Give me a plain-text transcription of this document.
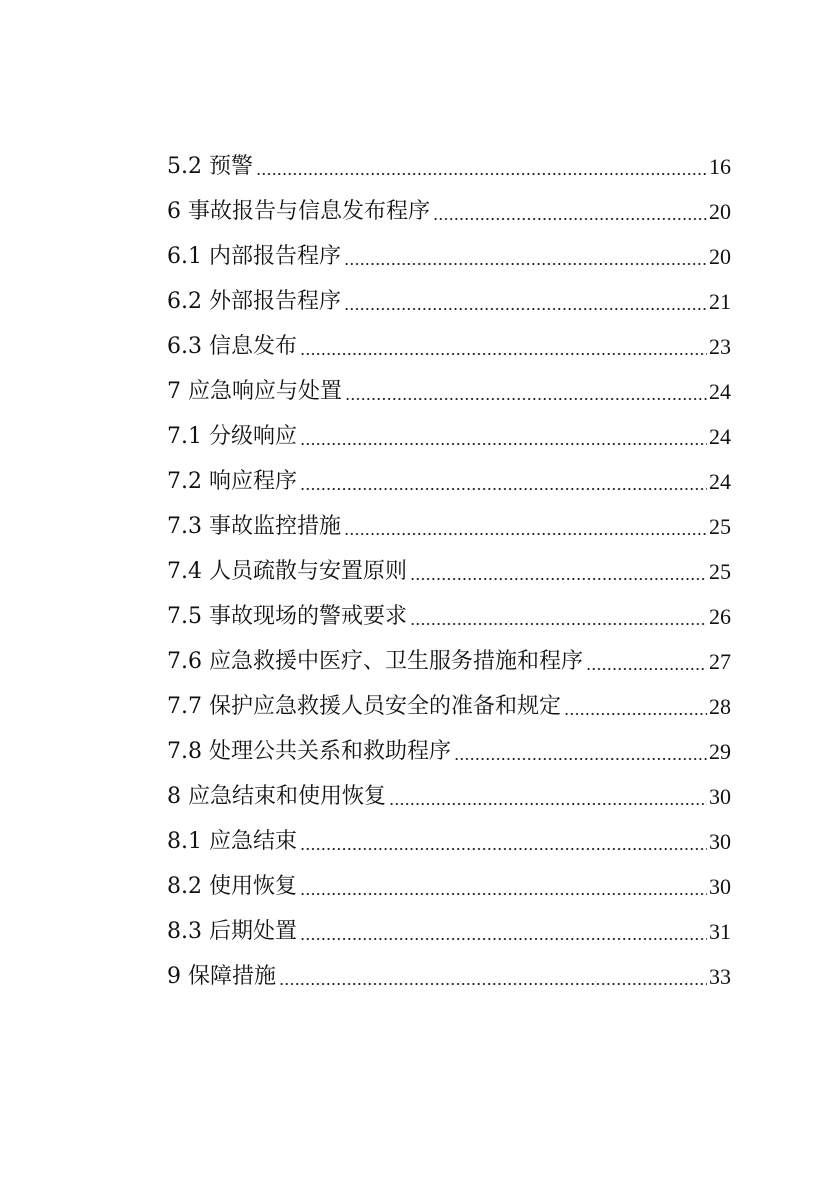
5.2 预警	16
6 事故报告与信息发布程序	20
6.1 内部报告程序	20
6.2 外部报告程序	21
6.3 信息发布	23
7 应急响应与处置	24
7.1 分级响应	24
7.2 响应程序	24
7.3 事故监控措施	25
7.4 人员疏散与安置原则	25
7.5 事故现场的警戒要求	26
7.6 应急救援中医疗、卫生服务措施和程序	27
7.7 保护应急救援人员安全的准备和规定	28
7.8 处理公共关系和救助程序	29
8 应急结束和使用恢复	30
8.1 应急结束	30
8.2 使用恢复	30
8.3 后期处置	31
9 保障措施	33
